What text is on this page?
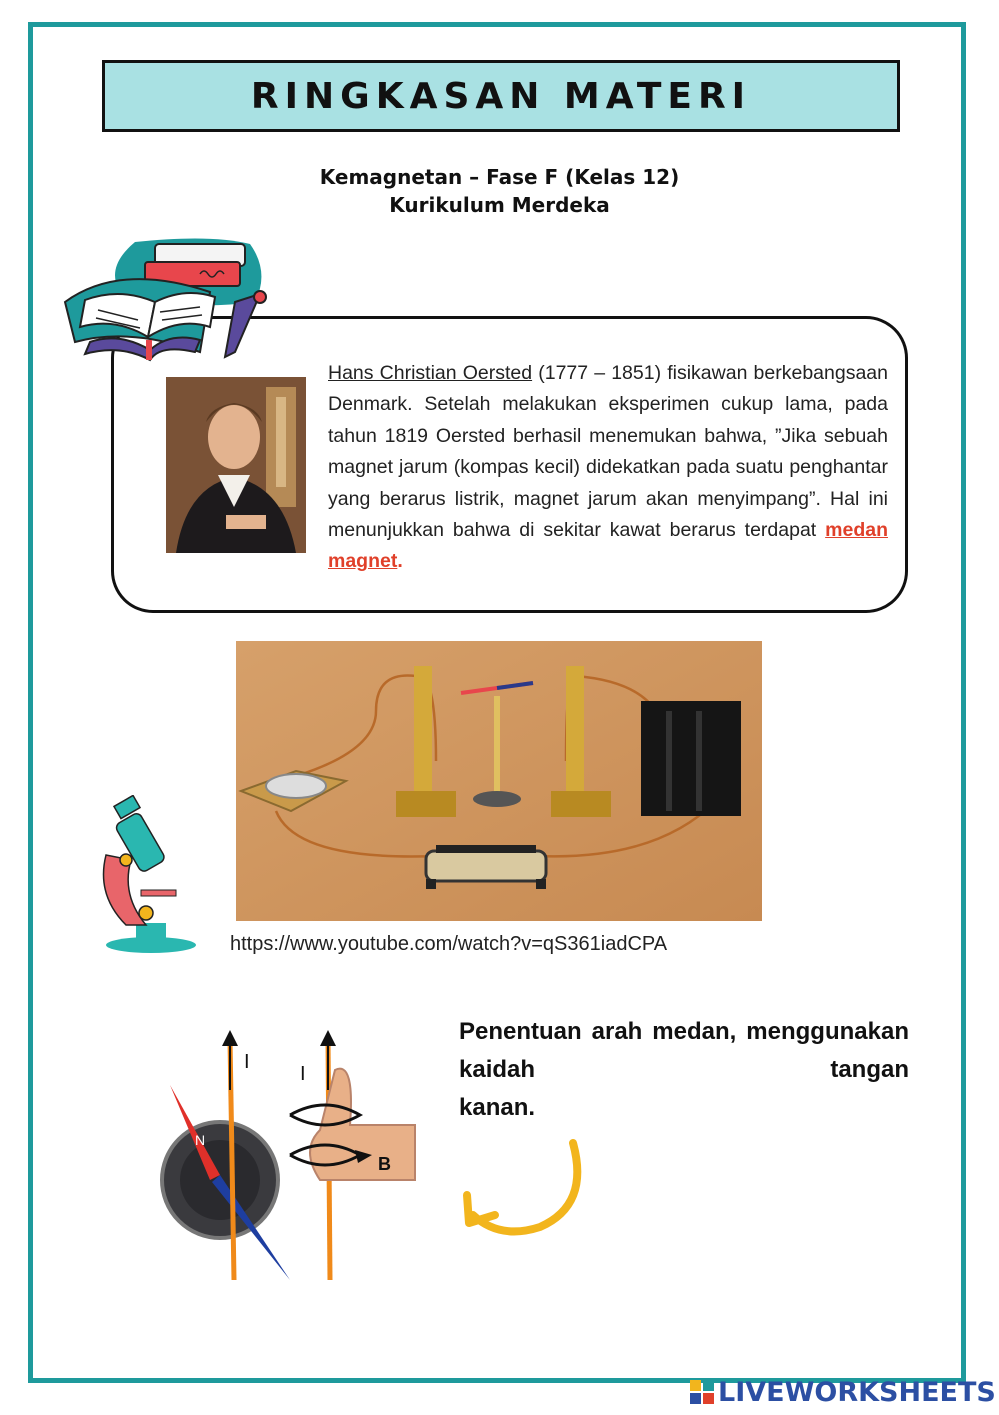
RINGKASAN MATERI
Kemagnetan – Fase F (Kelas 12)
Kurikulum Merdeka
Hans Christian Oersted (1777 – 1851) fisikawan berkebangsaan Denmark. Setelah melakukan eksperimen cukup lama, pada tahun 1819 Oersted berhasil menemukan bahwa, ”Jika sebuah magnet jarum (kompas kecil) didekatkan pada suatu penghantar yang berarus listrik, magnet jarum akan menyimpang”. Hal ini menunjukkan bahwa di sekitar kawat berarus terdapat medan magnet.
https://www.youtube.com/watch?v=qS361iadCPA
I
I
N
B
Penentuan arah medan, menggunakan kaidah tangan
kanan.
LIVEWORKSHEETS
